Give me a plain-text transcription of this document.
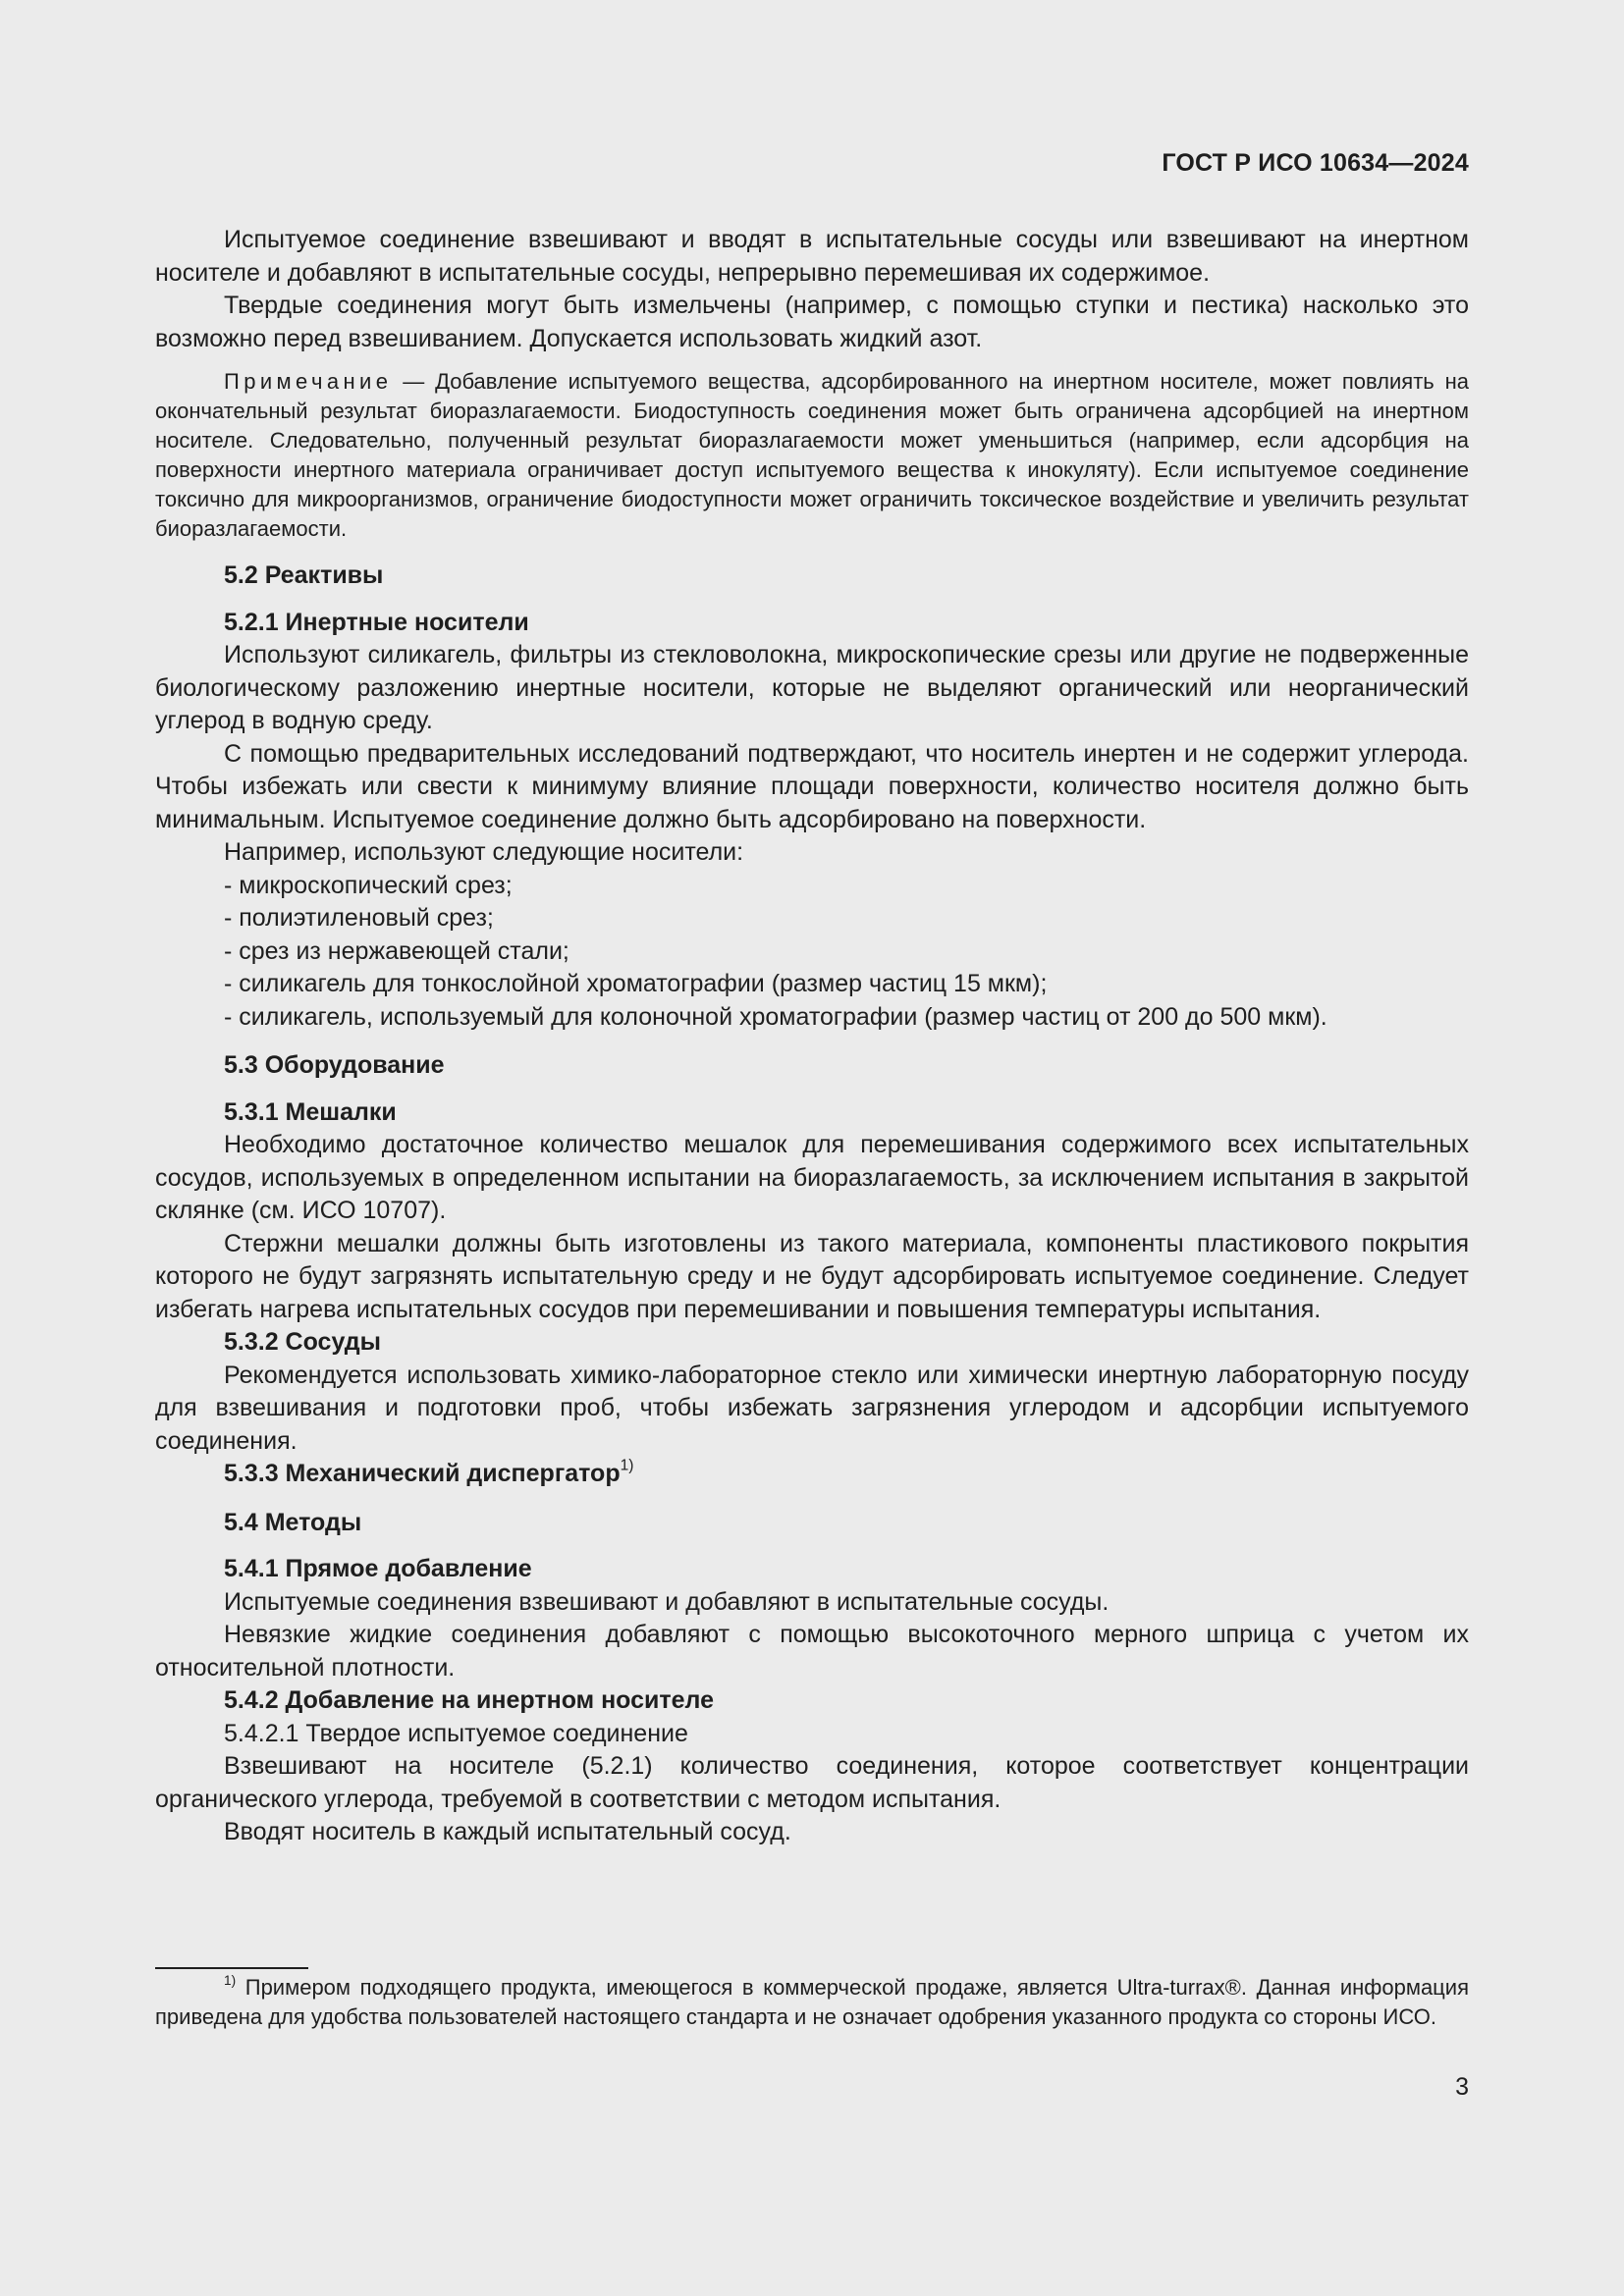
ГОСТ Р ИСО 10634—2024

Испытуемое соединение взвешивают и вводят в испытательные сосуды или взвешивают на инертном носителе и добавляют в испытательные сосуды, непрерывно перемешивая их содержимое.

Твердые соединения могут быть измельчены (например, с помощью ступки и пестика) насколько это возможно перед взвешиванием. Допускается использовать жидкий азот.

Примечание — Добавление испытуемого вещества, адсорбированного на инертном носителе, может повлиять на окончательный результат биоразлагаемости. Биодоступность соединения может быть ограничена адсорбцией на инертном носителе. Следовательно, полученный результат биоразлагаемости может уменьшиться (например, если адсорбция на поверхности инертного материала ограничивает доступ испытуемого вещества к инокуляту). Если испытуемое соединение токсично для микроорганизмов, ограничение биодоступности может ограничить токсическое воздействие и увеличить результат биоразлагаемости.

5.2 Реактивы

5.2.1 Инертные носители

Используют силикагель, фильтры из стекловолокна, микроскопические срезы или другие не подверженные биологическому разложению инертные носители, которые не выделяют органический или неорганический углерод в водную среду.

С помощью предварительных исследований подтверждают, что носитель инертен и не содержит углерода. Чтобы избежать или свести к минимуму влияние площади поверхности, количество носителя должно быть минимальным. Испытуемое соединение должно быть адсорбировано на поверхности.

Например, используют следующие носители:

- микроскопический срез;

- полиэтиленовый срез;

- срез из нержавеющей стали;

- силикагель для тонкослойной хроматографии (размер частиц 15 мкм);

- силикагель, используемый для колоночной хроматографии (размер частиц от 200 до 500 мкм).

5.3 Оборудование

5.3.1 Мешалки

Необходимо достаточное количество мешалок для перемешивания содержимого всех испытательных сосудов, используемых в определенном испытании на биоразлагаемость, за исключением испытания в закрытой склянке (см. ИСО 10707).

Стержни мешалки должны быть изготовлены из такого материала, компоненты пластикового покрытия которого не будут загрязнять испытательную среду и не будут адсорбировать испытуемое соединение. Следует избегать нагрева испытательных сосудов при перемешивании и повышения температуры испытания.

5.3.2 Сосуды

Рекомендуется использовать химико-лабораторное стекло или химически инертную лабораторную посуду для взвешивания и подготовки проб, чтобы избежать загрязнения углеродом и адсорбции испытуемого соединения.

5.3.3 Механический диспергатор$^{1)}$

5.4 Методы

5.4.1 Прямое добавление

Испытуемые соединения взвешивают и добавляют в испытательные сосуды.

Невязкие жидкие соединения добавляют с помощью высокоточного мерного шприца с учетом их относительной плотности.

5.4.2 Добавление на инертном носителе

5.4.2.1 Твердое испытуемое соединение

Взвешивают на носителе (5.2.1) количество соединения, которое соответствует концентрации органического углерода, требуемой в соответствии с методом испытания.

Вводят носитель в каждый испытательный сосуд.

$^{1)}$ Примером подходящего продукта, имеющегося в коммерческой продаже, является Ultra-turrax®. Данная информация приведена для удобства пользователей настоящего стандарта и не означает одобрения указанного продукта со стороны ИСО.

3
